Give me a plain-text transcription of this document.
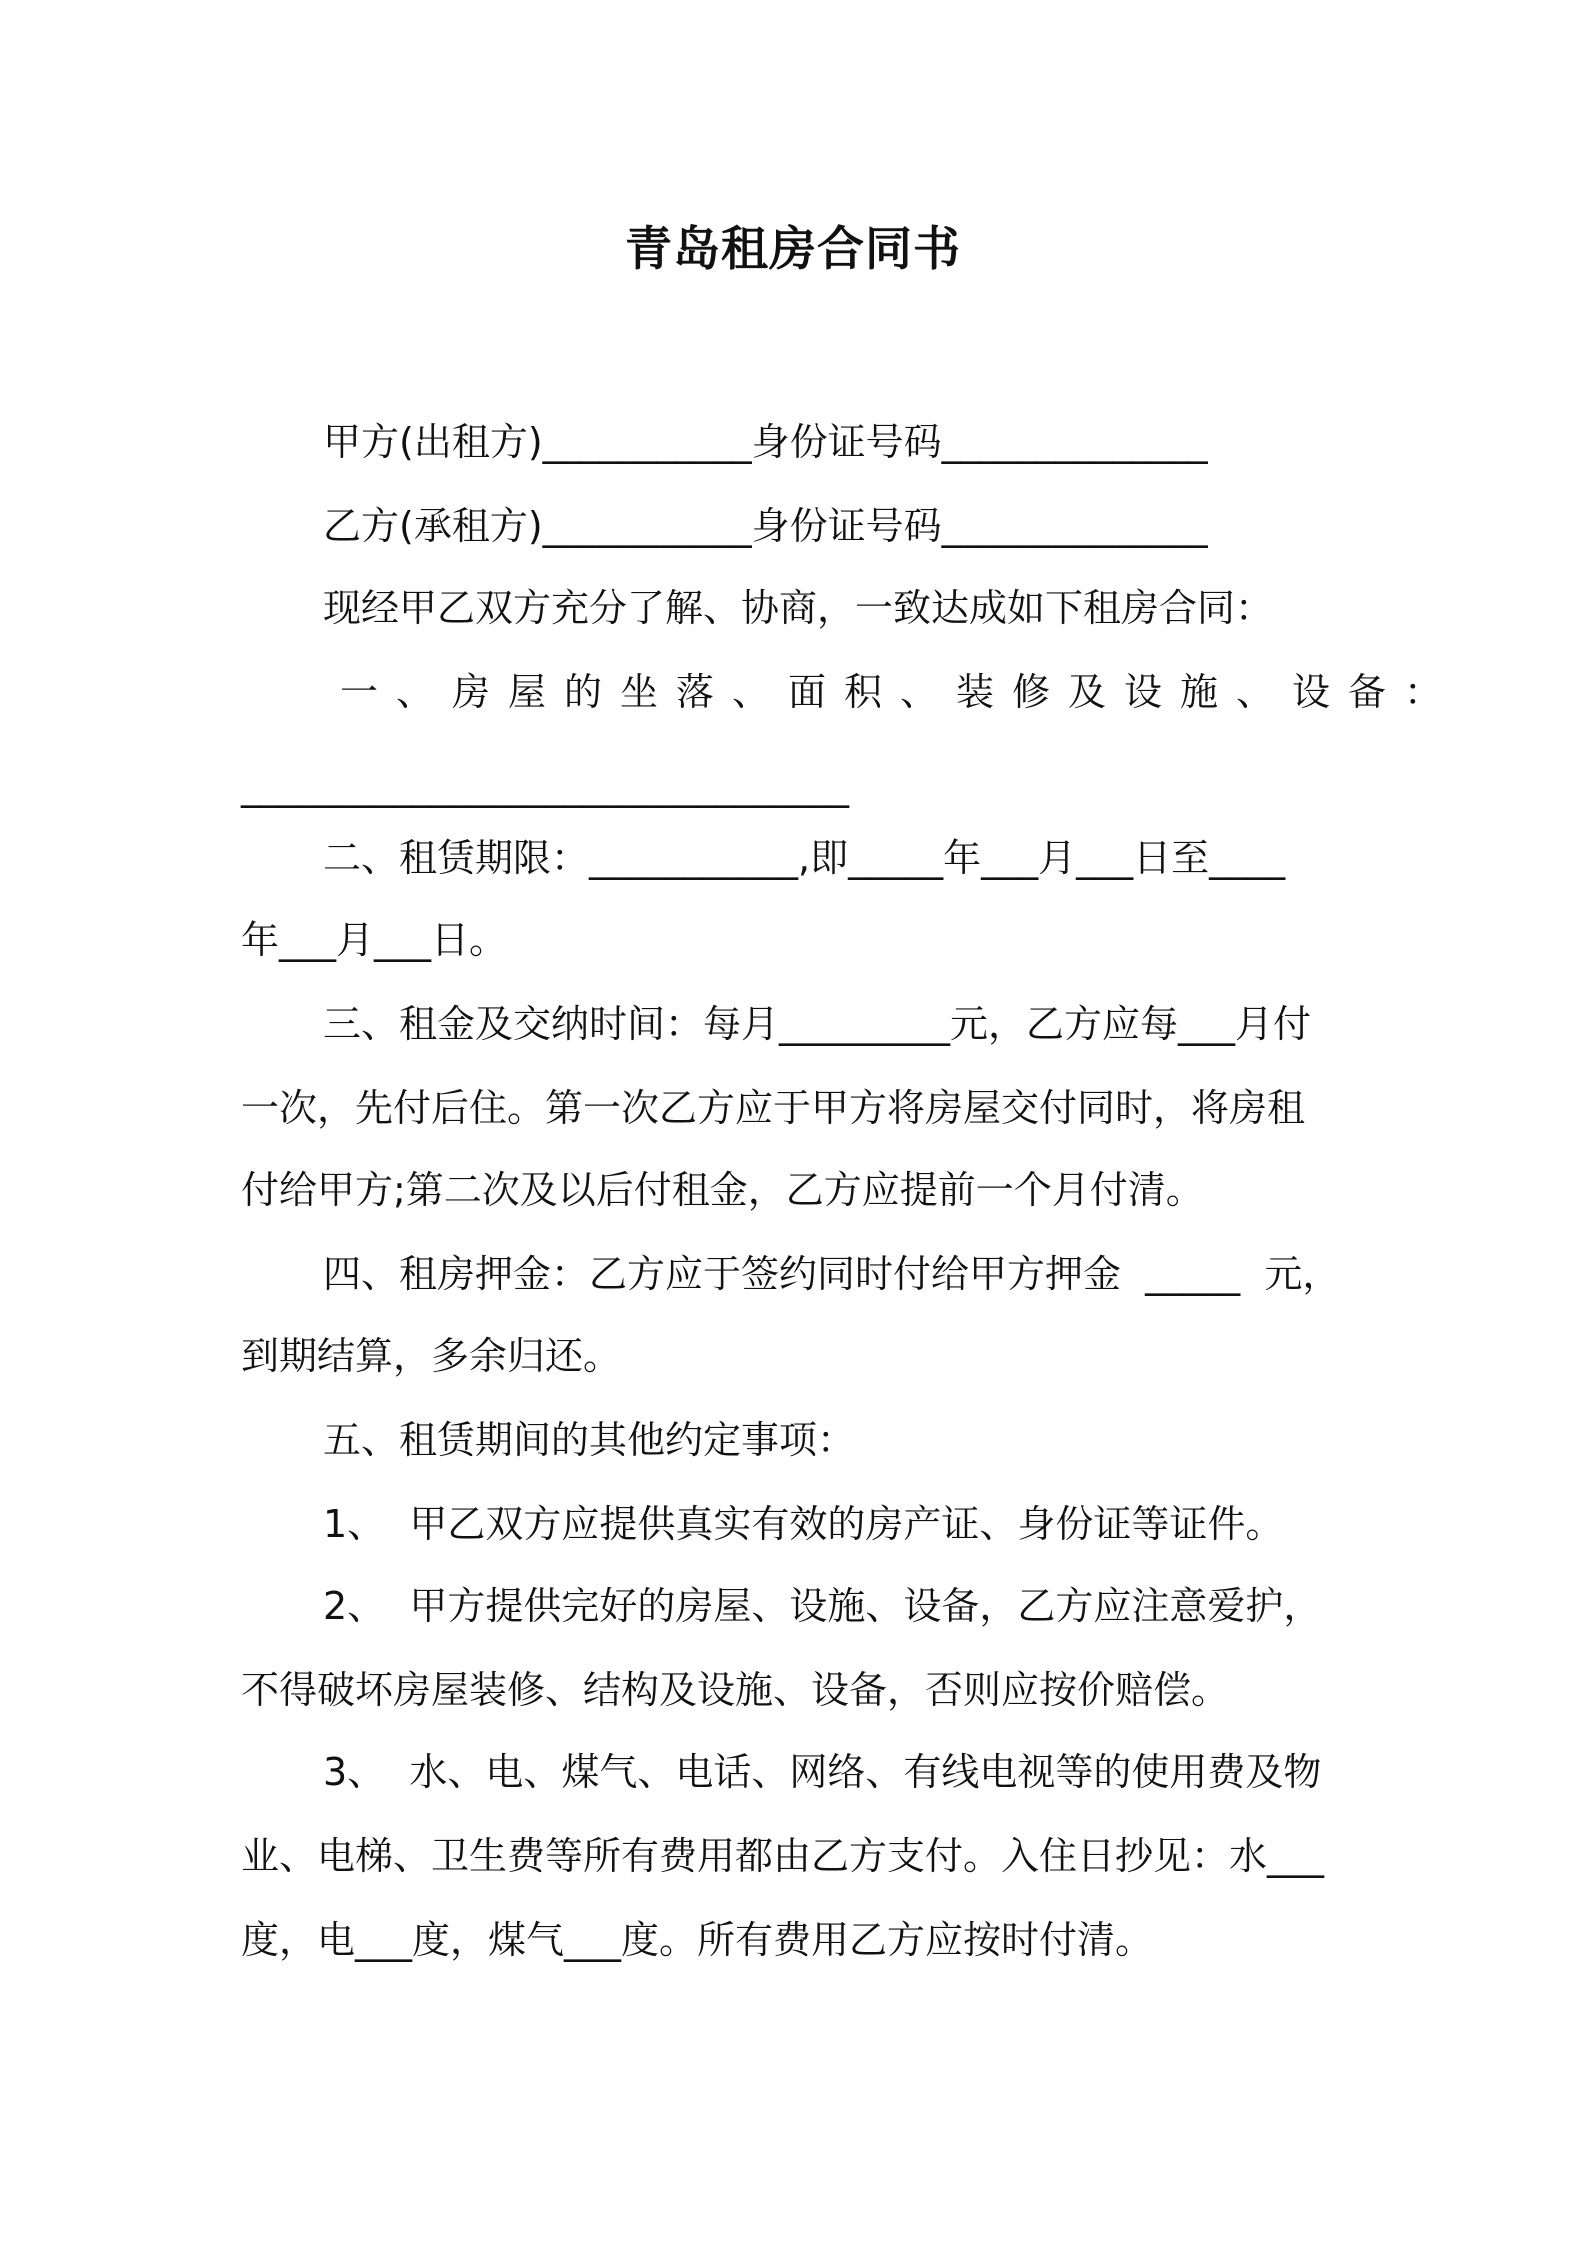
青岛租房合同书
甲方(出租方)___________身份证号码______________
乙方(承租方)___________身份证号码______________
现经甲乙双方充分了解、协商，一致达成如下租房合同：
一、房屋的坐落、面积、装修及设施、设备：
________________________________
二、租赁期限：___________,即_____年___月___日至____
年___月___日。
三、租金及交纳时间：每月_________元，乙方应每___月付
一次，先付后住。第一次乙方应于甲方将房屋交付同时，将房租
付给甲方;第二次及以后付租金，乙方应提前一个月付清。
四、租房押金：乙方应于签约同时付给甲方押金  _____  元，
到期结算，多余归还。
五、租赁期间的其他约定事项：
1、  甲乙双方应提供真实有效的房产证、身份证等证件。
2、  甲方提供完好的房屋、设施、设备，乙方应注意爱护，
不得破坏房屋装修、结构及设施、设备，否则应按价赔偿。
3、  水、电、煤气、电话、网络、有线电视等的使用费及物
业、电梯、卫生费等所有费用都由乙方支付。入住日抄见：水___
度，电___度，煤气___度。所有费用乙方应按时付清。
